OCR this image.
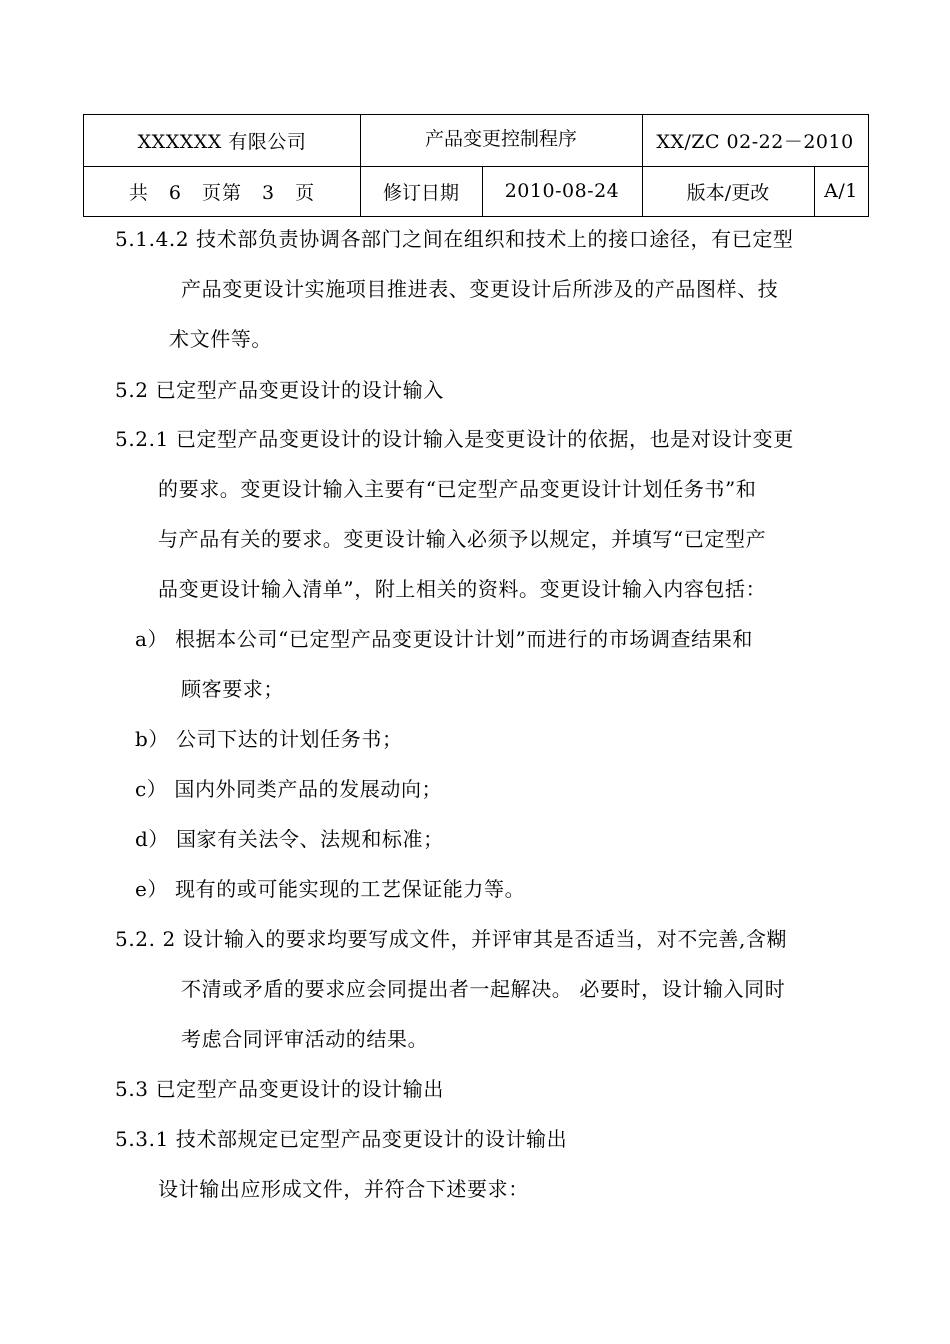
XXXXXX 有限公司	产品变更控制程序	XX/ZC 02-22－2010
共　6　页第　3　页	修订日期	2010-08-24	版本/更改	A/1
5.1.4.2 技术部负责协调各部门之间在组织和技术上的接口途径，有已定型
产品变更设计实施项目推进表、变更设计后所涉及的产品图样、技
术文件等。
5.2 已定型产品变更设计的设计输入
5.2.1 已定型产品变更设计的设计输入是变更设计的依据，也是对设计变更
的要求。变更设计输入主要有“已定型产品变更设计计划任务书”和
与产品有关的要求。变更设计输入必须予以规定，并填写“已定型产
品变更设计输入清单”，附上相关的资料。变更设计输入内容包括：
a） 根据本公司“已定型产品变更设计计划”而进行的市场调查结果和
顾客要求；
b） 公司下达的计划任务书；
c） 国内外同类产品的发展动向；
d） 国家有关法令、法规和标准；
e） 现有的或可能实现的工艺保证能力等。
5.2. 2 设计输入的要求均要写成文件，并评审其是否适当，对不完善,含糊
不清或矛盾的要求应会同提出者一起解决。 必要时，设计输入同时
考虑合同评审活动的结果。
5.3 已定型产品变更设计的设计输出
5.3.1 技术部规定已定型产品变更设计的设计输出
设计输出应形成文件，并符合下述要求：
